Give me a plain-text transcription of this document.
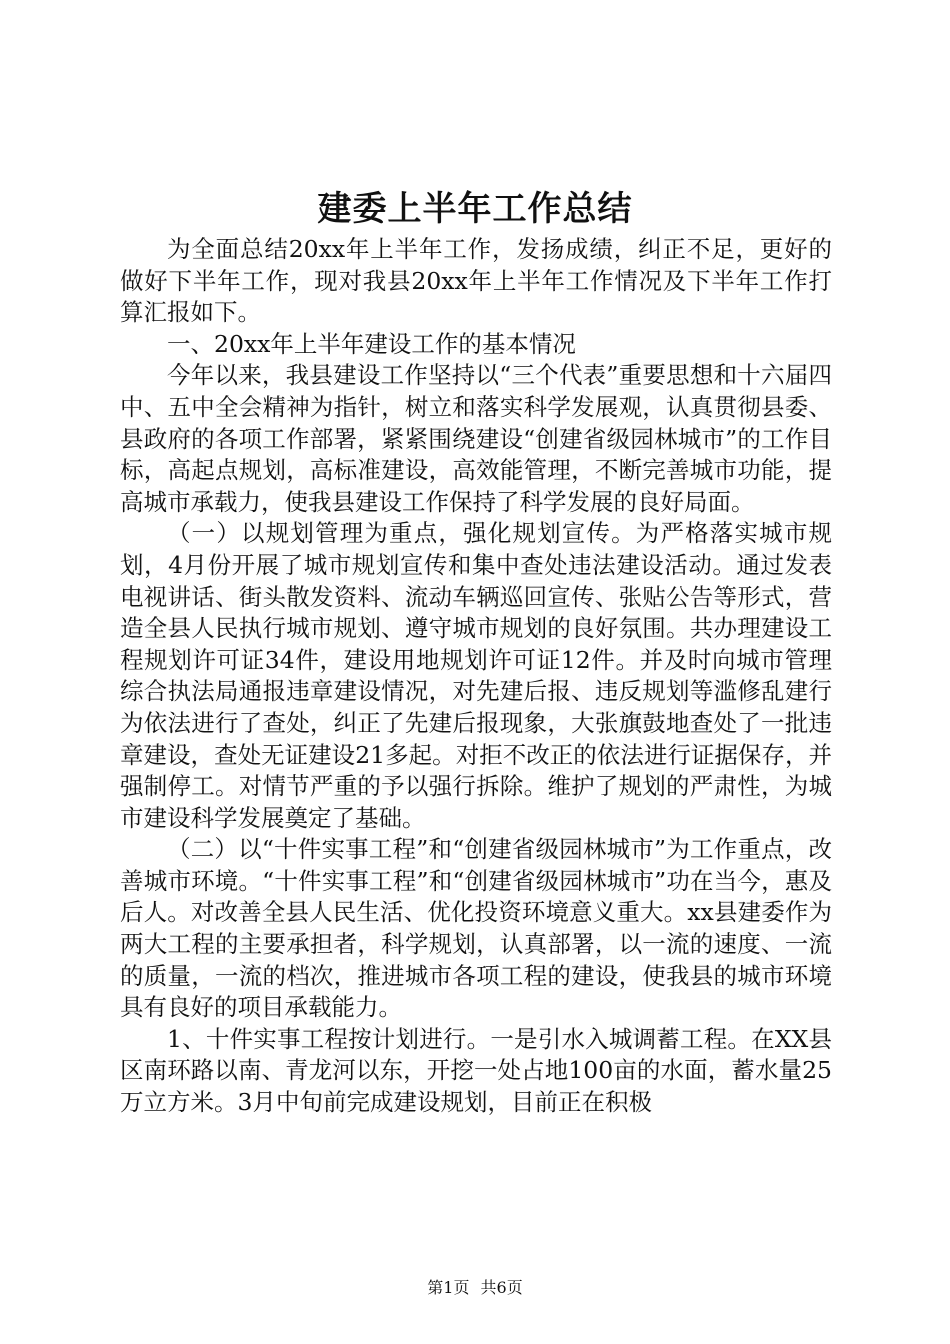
建委上半年工作总结

为全面总结20xx年上半年工作，发扬成绩，纠正不足，更好的做好下半年工作，现对我县20xx年上半年工作情况及下半年工作打算汇报如下。

一、20xx年上半年建设工作的基本情况

今年以来，我县建设工作坚持以“三个代表”重要思想和十六届四中、五中全会精神为指针，树立和落实科学发展观，认真贯彻县委、县政府的各项工作部署，紧紧围绕建设“创建省级园林城市”的工作目标，高起点规划，高标准建设，高效能管理，不断完善城市功能，提高城市承载力，使我县建设工作保持了科学发展的良好局面。

（一）以规划管理为重点，强化规划宣传。为严格落实城市规划，4月份开展了城市规划宣传和集中查处违法建设活动。通过发表电视讲话、街头散发资料、流动车辆巡回宣传、张贴公告等形式，营造全县人民执行城市规划、遵守城市规划的良好氛围。共办理建设工程规划许可证34件，建设用地规划许可证12件。并及时向城市管理综合执法局通报违章建设情况，对先建后报、违反规划等滥修乱建行为依法进行了查处，纠正了先建后报现象，大张旗鼓地查处了一批违章建设，查处无证建设21多起。对拒不改正的依法进行证据保存，并强制停工。对情节严重的予以强行拆除。维护了规划的严肃性，为城市建设科学发展奠定了基础。

（二）以“十件实事工程”和“创建省级园林城市”为工作重点，改善城市环境。“十件实事工程”和“创建省级园林城市”功在当今，惠及后人。对改善全县人民生活、优化投资环境意义重大。xx县建委作为两大工程的主要承担者，科学规划，认真部署，以一流的速度、一流的质量，一流的档次，推进城市各项工程的建设，使我县的城市环境具有良好的项目承载能力。

1、十件实事工程按计划进行。一是引水入城调蓄工程。在XX县区南环路以南、青龙河以东，开挖一处占地100亩的水面，蓄水量25万立方米。3月中旬前完成建设规划，目前正在积极

第1页 共6页
